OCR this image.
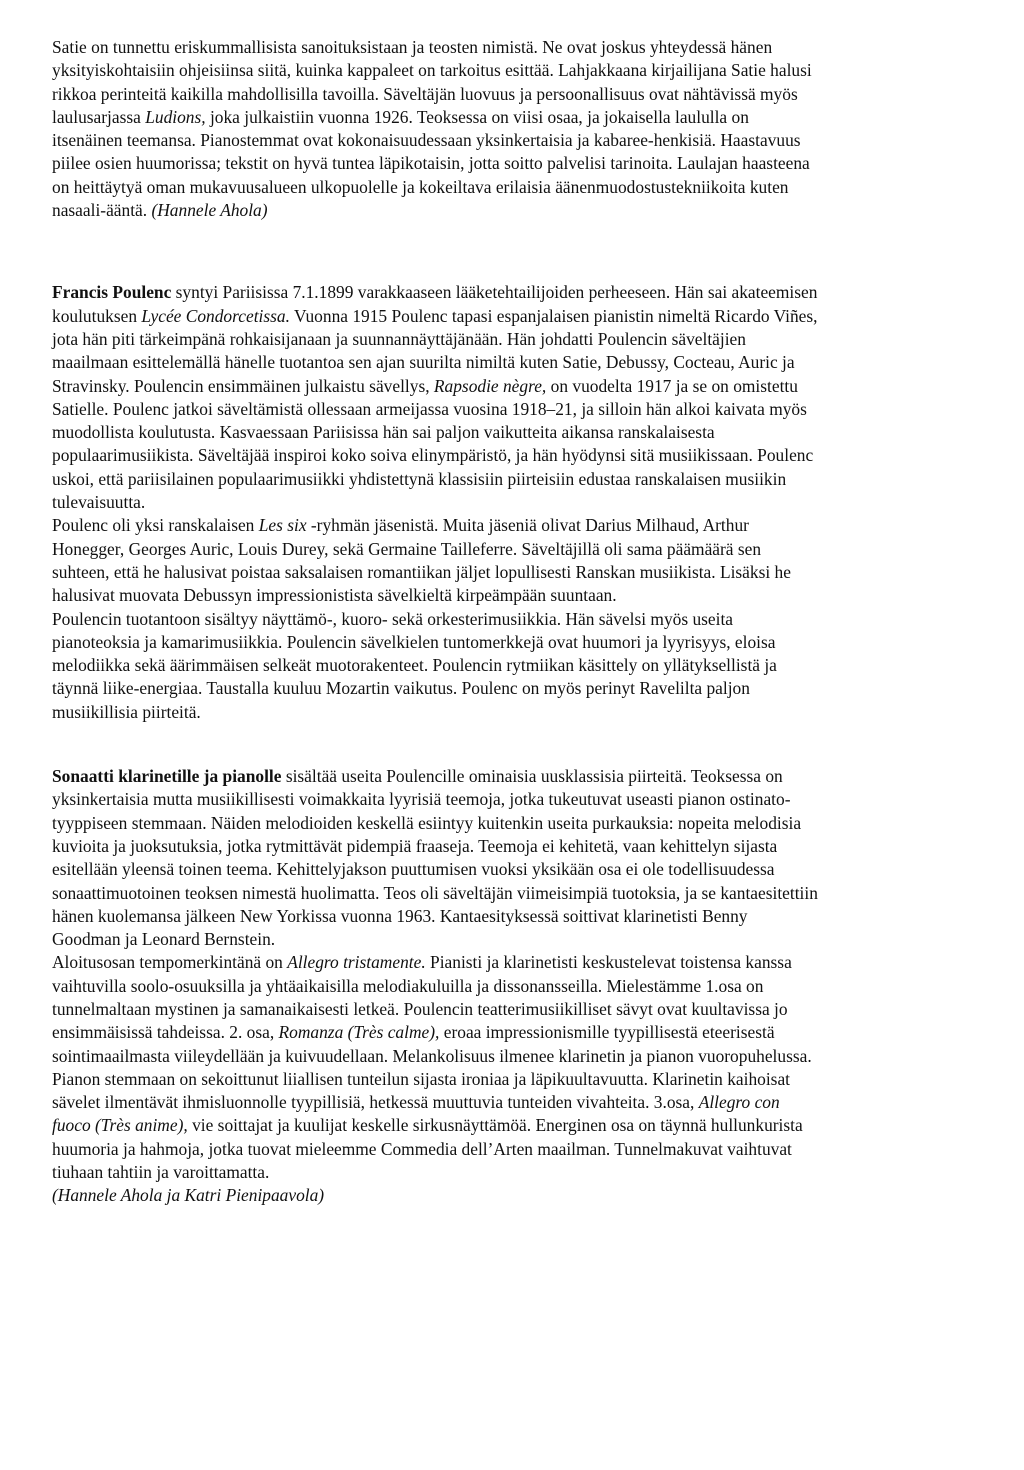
Satie on tunnettu eriskummallisista sanoituksistaan ja teosten nimistä. Ne ovat joskus yhteydessä hänen
yksityiskohtaisiin ohjeisiinsa siitä, kuinka kappaleet on tarkoitus esittää. Lahjakkaana kirjailijana Satie halusi
rikkoa perinteitä kaikilla mahdollisilla tavoilla. Säveltäjän luovuus ja persoonallisuus ovat nähtävissä myös
laulusarjassa Ludions, joka julkaistiin vuonna 1926. Teoksessa on viisi osaa, ja jokaisella laululla on
itsenäinen teemansa. Pianostemmat ovat kokonaisuudessaan yksinkertaisia ja kabaree-henkisiä. Haastavuus
piilee osien huumorissa; tekstit on hyvä tuntea läpikotaisin, jotta soitto palvelisi tarinoita. Laulajan haasteena
on heittäytyä oman mukavuusalueen ulkopuolelle ja kokeiltava erilaisia äänenmuodostustekniikoita kuten
nasaali-ääntä. (Hannele Ahola)
Francis Poulenc syntyi Pariisissa 7.1.1899 varakkaaseen lääketehtailijoiden perheeseen. Hän sai akateemisen
koulutuksen Lycée Condorcetissa. Vuonna 1915 Poulenc tapasi espanjalaisen pianistin nimeltä Ricardo Viñes,
jota hän piti tärkeimpänä rohkaisijanaan ja suunnannäyttäjänään. Hän johdatti Poulencin säveltäjien
maailmaan esittelemällä hänelle tuotantoa sen ajan suurilta nimiltä kuten Satie, Debussy, Cocteau, Auric ja
Stravinsky. Poulencin ensimmäinen julkaistu sävellys, Rapsodie nègre, on vuodelta 1917 ja se on omistettu
Satielle. Poulenc jatkoi säveltämistä ollessaan armeijassa vuosina 1918–21, ja silloin hän alkoi kaivata myös
muodollista koulutusta. Kasvaessaan Pariisissa hän sai paljon vaikutteita aikansa ranskalaisesta
populaarimusiikista. Säveltäjää inspiroi koko soiva elinympäristö, ja hän hyödynsi sitä musiikissaan. Poulenc
uskoi, että pariisilainen populaarimusiikki yhdistettynä klassisiin piirteisiin edustaa ranskalaisen musiikin
tulevaisuutta.
Poulenc oli yksi ranskalaisen Les six -ryhmän jäsenistä. Muita jäseniä olivat Darius Milhaud, Arthur
Honegger, Georges Auric, Louis Durey, sekä Germaine Tailleferre. Säveltäjillä oli sama päämäärä sen
suhteen, että he halusivat poistaa saksalaisen romantiikan jäljet lopullisesti Ranskan musiikista. Lisäksi he
halusivat muovata Debussyn impressionistista sävelkieltä kirpeämpään suuntaan.
Poulencin tuotantoon sisältyy näyttämö-, kuoro- sekä orkesterimusiikkia. Hän sävelsi myös useita
pianoteoksia ja kamarimusiikkia. Poulencin sävelkielen tuntomerkkejä ovat huumori ja lyyrisyys, eloisa
melodiikka sekä äärimmäisen selkeät muotorakenteet. Poulencin rytmiikan käsittely on yllätyksellistä ja
täynnä liike-energiaa. Taustalla kuuluu Mozartin vaikutus. Poulenc on myös perinyt Ravelilta paljon
musiikillisia piirteitä.
Sonaatti klarinetille ja pianolle sisältää useita Poulencille ominaisia uusklassisia piirteitä. Teoksessa on
yksinkertaisia mutta musiikillisesti voimakkaita lyyrisiä teemoja, jotka tukeutuvat useasti pianon ostinato-
tyyppiseen stemmaan. Näiden melodioiden keskellä esiintyy kuitenkin useita purkauksia: nopeita melodisia
kuvioita ja juoksutuksia, jotka rytmittävät pidempiä fraaseja. Teemoja ei kehitetä, vaan kehittelyn sijasta
esitellään yleensä toinen teema. Kehittelyjakson puuttumisen vuoksi yksikään osa ei ole todellisuudessa
sonaattimuotoinen teoksen nimestä huolimatta. Teos oli säveltäjän viimeisimpiä tuotoksia, ja se kantaesitettiin
hänen kuolemansa jälkeen New Yorkissa vuonna 1963. Kantaesityksessä soittivat klarinetisti Benny
Goodman ja Leonard Bernstein.
Aloitusosan tempomerkintänä on Allegro tristamente. Pianisti ja klarinetisti keskustelevat toistensa kanssa
vaihtuvilla soolo-osuuksilla ja yhtäaikaisilla melodiakuluilla ja dissonansseilla. Mielestämme 1.osa on
tunnelmaltaan mystinen ja samanaikaisesti letkeä. Poulencin teatterimusiikilliset sävyt ovat kuultavissa jo
ensimmäisissä tahdeissa. 2. osa, Romanza (Très calme), eroaa impressionismille tyypillisestä eteerisestä
sointimaailmasta viileydellään ja kuivuudellaan. Melankolisuus ilmenee klarinetin ja pianon vuoropuhelussa.
Pianon stemmaan on sekoittunut liiallisen tunteilun sijasta ironiaa ja läpikuultavuutta. Klarinetin kaihoisat
sävelet ilmentävät ihmisluonnolle tyypillisiä, hetkessä muuttuvia tunteiden vivahteita. 3.osa, Allegro con
fuoco (Très anime), vie soittajat ja kuulijat keskelle sirkusnäyttämöä. Energinen osa on täynnä hullunkurista
huumoria ja hahmoja, jotka tuovat mieleemme Commedia dell’Arten maailman. Tunnelmakuvat vaihtuvat
tiuhaan tahtiin ja varoittamatta.
(Hannele Ahola ja Katri Pienipaavola)
